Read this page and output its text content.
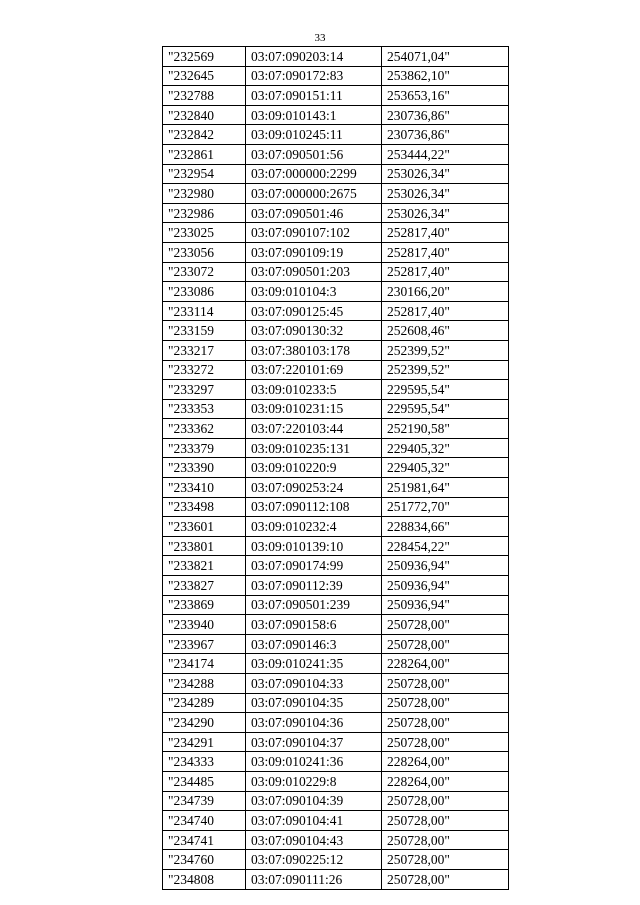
33
"232569	03:07:090203:14	254071,04"
"232645	03:07:090172:83	253862,10"
"232788	03:07:090151:11	253653,16"
"232840	03:09:010143:1	230736,86"
"232842	03:09:010245:11	230736,86"
"232861	03:07:090501:56	253444,22"
"232954	03:07:000000:2299	253026,34"
"232980	03:07:000000:2675	253026,34"
"232986	03:07:090501:46	253026,34"
"233025	03:07:090107:102	252817,40"
"233056	03:07:090109:19	252817,40"
"233072	03:07:090501:203	252817,40"
"233086	03:09:010104:3	230166,20"
"233114	03:07:090125:45	252817,40"
"233159	03:07:090130:32	252608,46"
"233217	03:07:380103:178	252399,52"
"233272	03:07:220101:69	252399,52"
"233297	03:09:010233:5	229595,54"
"233353	03:09:010231:15	229595,54"
"233362	03:07:220103:44	252190,58"
"233379	03:09:010235:131	229405,32"
"233390	03:09:010220:9	229405,32"
"233410	03:07:090253:24	251981,64"
"233498	03:07:090112:108	251772,70"
"233601	03:09:010232:4	228834,66"
"233801	03:09:010139:10	228454,22"
"233821	03:07:090174:99	250936,94"
"233827	03:07:090112:39	250936,94"
"233869	03:07:090501:239	250936,94"
"233940	03:07:090158:6	250728,00"
"233967	03:07:090146:3	250728,00"
"234174	03:09:010241:35	228264,00"
"234288	03:07:090104:33	250728,00"
"234289	03:07:090104:35	250728,00"
"234290	03:07:090104:36	250728,00"
"234291	03:07:090104:37	250728,00"
"234333	03:09:010241:36	228264,00"
"234485	03:09:010229:8	228264,00"
"234739	03:07:090104:39	250728,00"
"234740	03:07:090104:41	250728,00"
"234741	03:07:090104:43	250728,00"
"234760	03:07:090225:12	250728,00"
"234808	03:07:090111:26	250728,00"
